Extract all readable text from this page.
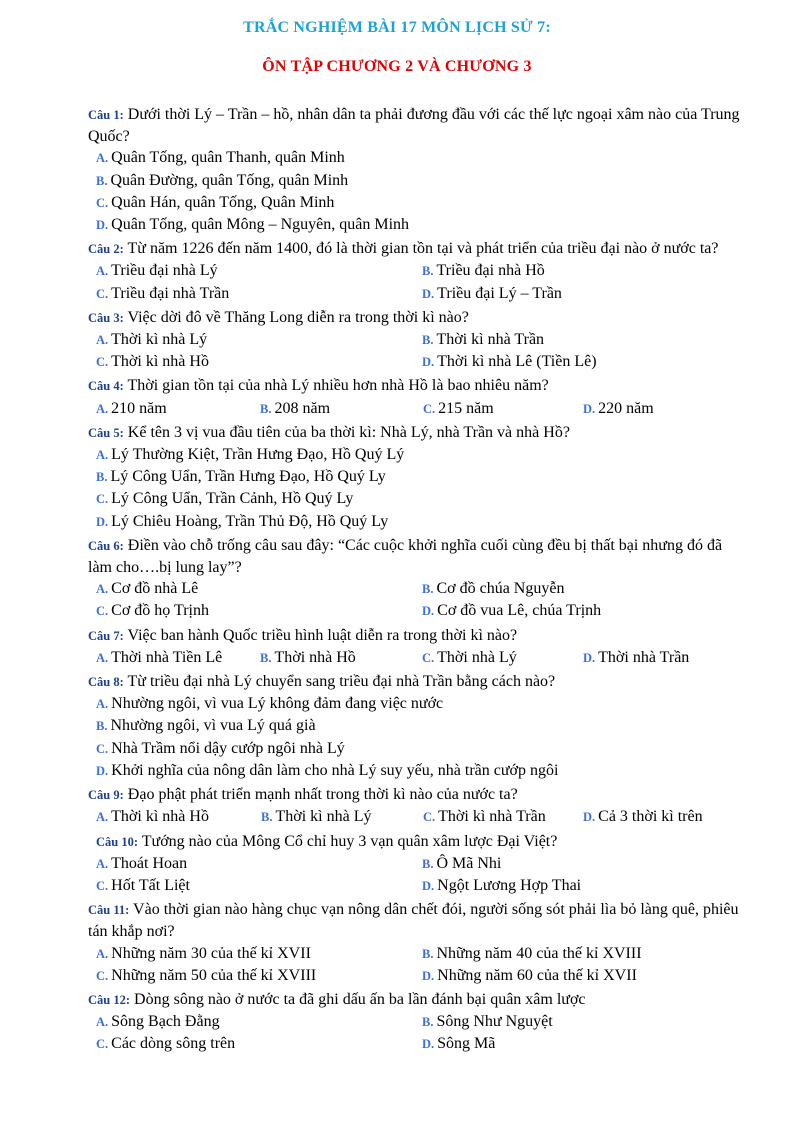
TRẮC NGHIỆM BÀI 17 MÔN LỊCH SỬ 7:
ÔN TẬP CHƯƠNG 2 VÀ CHƯƠNG 3
Câu 1: Dưới thời Lý – Trần – hồ, nhân dân ta phải đương đầu với các thế lực ngoại xâm nào của Trung Quốc?
A. Quân Tống, quân Thanh, quân Minh
B. Quân Đường, quân Tống, quân Minh
C. Quân Hán, quân Tống, Quân Minh
D. Quân Tống, quân Mông – Nguyên, quân Minh
Câu 2: Từ năm 1226 đến năm 1400, đó là thời gian tồn tại và phát triển của triều đại nào ở nước ta?
A. Triều đại nhà Lý	B. Triều đại nhà Hồ
C. Triều đại nhà Trần	D. Triều đại Lý – Trần
Câu 3: Việc dời đô về Thăng Long diễn ra trong thời kì nào?
A. Thời kì nhà Lý	B. Thời kì nhà Trần
C. Thời kì nhà Hồ	D. Thời kì nhà Lê (Tiền Lê)
Câu 4: Thời gian tồn tại của nhà Lý nhiều hơn nhà Hồ là bao nhiêu năm?
A. 210 năm	B. 208 năm	C. 215 năm	D. 220 năm
Câu 5: Kể tên 3 vị vua đầu tiên của ba thời kì: Nhà Lý, nhà Trần và nhà Hồ?
A. Lý Thường Kiệt, Trần Hưng Đạo, Hồ Quý Lý
B. Lý Công Uẩn, Trần Hưng Đạo, Hồ Quý Ly
C. Lý Công Uẩn, Trần Cảnh, Hồ Quý Ly
D. Lý Chiêu Hoàng, Trần Thủ Độ, Hồ Quý Ly
Câu 6: Điền vào chỗ trống câu sau đây: “Các cuộc khởi nghĩa cuối cùng đều bị thất bại nhưng đó đã làm cho….bị lung lay”?
A. Cơ đồ nhà Lê	B. Cơ đồ chúa Nguyễn
C. Cơ đồ họ Trịnh	D. Cơ đồ vua Lê, chúa Trịnh
Câu 7: Việc ban hành Quốc triều hình luật diễn ra trong thời kì nào?
A. Thời nhà Tiền Lê	B. Thời nhà Hồ	C. Thời nhà Lý	D. Thời nhà Trần
Câu 8: Từ triều đại nhà Lý chuyển sang triều đại nhà Trần bằng cách nào?
A. Nhường ngôi, vì vua Lý không đảm đang việc nước
B. Nhường ngôi, vì vua Lý quá già
C. Nhà Trầm nổi dậy cướp ngôi nhà Lý
D. Khởi nghĩa của nông dân làm cho nhà Lý suy yếu, nhà trần cướp ngôi
Câu 9: Đạo phật phát triển mạnh nhất trong thời kì nào của nước ta?
A. Thời kì nhà Hồ	B. Thời kì nhà Lý	C. Thời kì nhà Trần	D. Cả 3 thời kì trên
Câu 10: Tướng nào của Mông Cổ chỉ huy 3 vạn quân xâm lược Đại Việt?
A. Thoát Hoan	B. Ô Mã Nhi
C. Hốt Tất Liệt	D. Ngột Lương Hợp Thai
Câu 11: Vào thời gian nào hàng chục vạn nông dân chết đói, người sống sót phải lìa bỏ làng quê, phiêu tán khắp nơi?
A. Những năm 30 của thế kỉ XVII	B. Những năm 40 của thế kỉ XVIII
C. Những năm 50 của thế kỉ XVIII	D. Những năm 60 của thế kỉ XVII
Câu 12: Dòng sông nào ở nước ta đã ghi dấu ấn ba lần đánh bại quân xâm lược
A. Sông Bạch Đằng	B. Sông Như Nguyệt
C. Các dòng sông trên	D. Sông Mã
